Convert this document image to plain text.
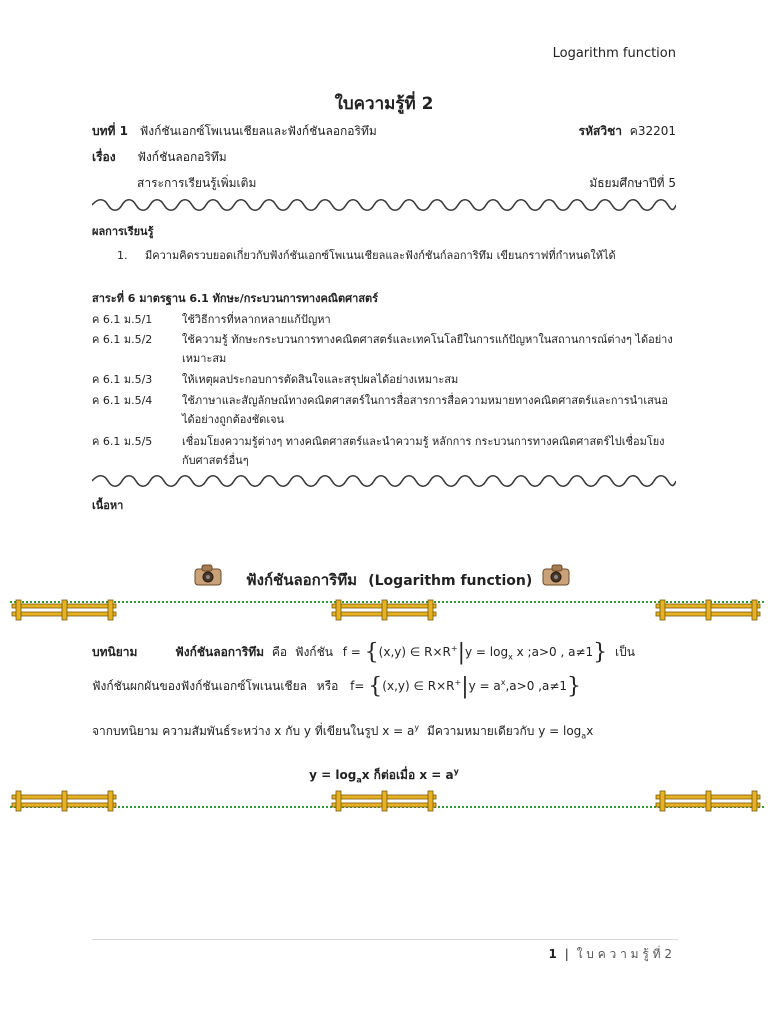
Logarithm function
ใบความรู้ที่ 2
บทที่ 1 ฟังก์ชันเอกซ์โพเนนเชียลและฟังก์ชันลอกอริทึม	รหัสวิชา ค32201
เรื่อง ฟังก์ชันลอกอริทึม
สาระการเรียนรู้เพิ่มเติม	มัธยมศึกษาปีที่ 5
ผลการเรียนรู้
1. มีความคิดรวบยอดเกี่ยวกับฟังก์ชันเอกซ์โพเนนเชียลและฟังก์ชันก์ลอการิทึม เขียนกราฟที่กำหนดให้ได้
สาระที่ 6 มาตรฐาน 6.1 ทักษะ/กระบวนการทางคณิตศาสตร์
ค 6.1 ม.5/1	ใช้วิธีการที่หลากหลายแก้ปัญหา
ค 6.1 ม.5/2	ใช้ความรู้ ทักษะกระบวนการทางคณิตศาสตร์และเทคโนโลยีในการแก้ปัญหาในสถานการณ์ต่างๆ ได้อย่าง
เหมาะสม
ค 6.1 ม.5/3	ให้เหตุผลประกอบการตัดสินใจและสรุปผลได้อย่างเหมาะสม
ค 6.1 ม.5/4	ใช้ภาษาและสัญลักษณ์ทางคณิตศาสตร์ในการสื่อสารการสื่อความหมายทางคณิตศาสตร์และการนำเสนอ
ได้อย่างถูกต้องชัดเจน
ค 6.1 ม.5/5	เชื่อมโยงความรู้ต่างๆ ทางคณิตศาสตร์และนำความรู้ หลักการ กระบวนการทางคณิตศาสตร์ไปเชื่อมโยง
กับศาสตร์อื่นๆ
เนื้อหา
ฟังก์ชันลอการิทึม (Logarithm function)
บทนิยาม	ฟังก์ชันลอการิทึม คือ ฟังก์ชัน f = {(x,y) ∈ $R\times R^+|y = \log_x x$ ;a>0 , a≠1} เป็น
ฟังก์ชันผกผันของฟังก์ชันเอกซ์โพเนนเชียล หรือ f= {(x,y) ∈ $R\times R^+|y = a^x,a>0$ ,a≠1}
จากบทนิยาม ความสัมพันธ์ระหว่าง x กับ y ที่เขียนในรูป $x = a^y$ มีความหมายเดียวกับ $y = \log_ax$
$y = \log_ax$ ก็ต่อเมื่อ $x = a^y$
1 | ใ บ ค ว า ม รู้ ที่ 2
